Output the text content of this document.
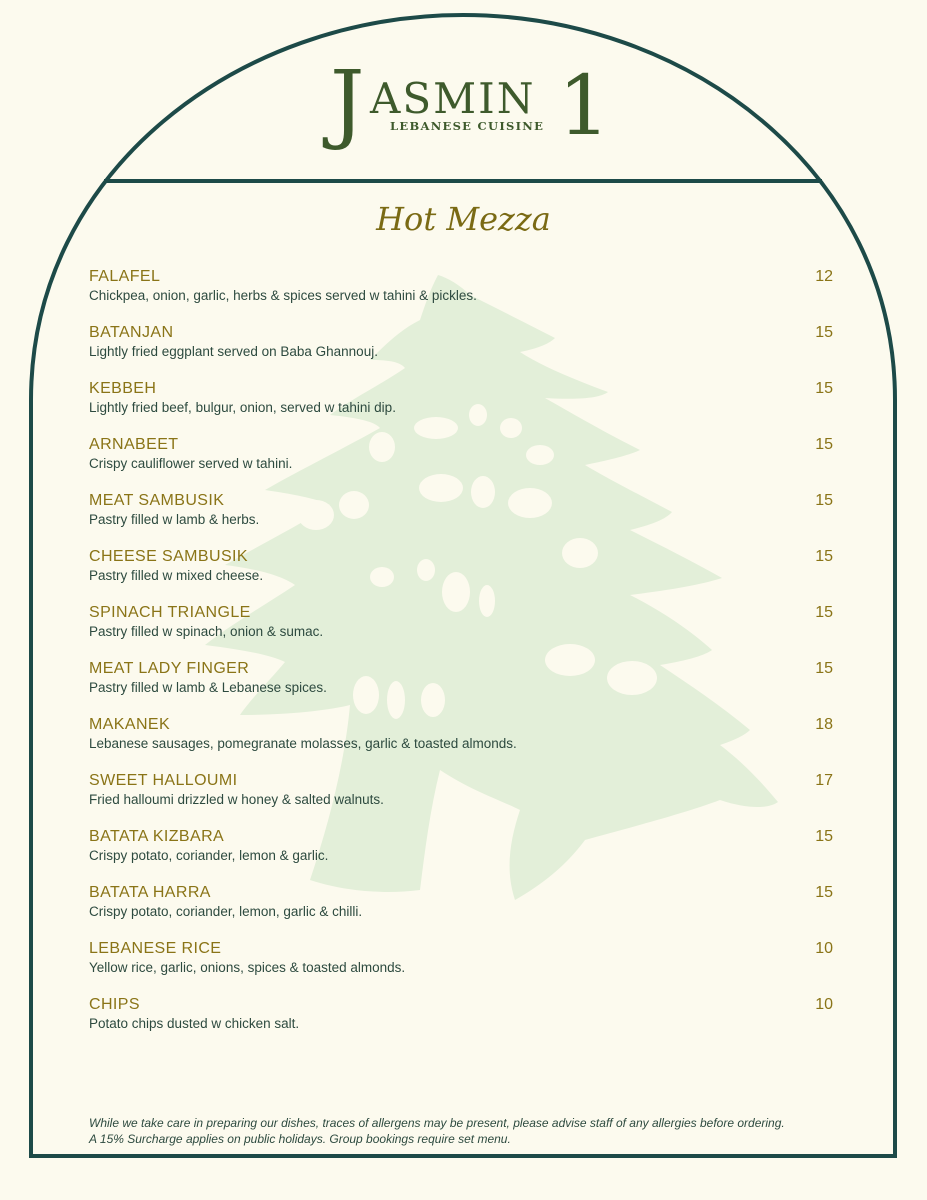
J ASMIN
LEBANESE CUISINE 1
Hot Mezza
FALAFEL
Chickpea, onion, garlic, herbs & spices served w tahini & pickles.
12
BATANJAN
Lightly fried eggplant served on Baba Ghannouj.
15
KEBBEH
Lightly fried beef, bulgur, onion, served w tahini dip.
15
ARNABEET
Crispy cauliflower served w tahini.
15
MEAT SAMBUSIK
Pastry filled w lamb & herbs.
15
CHEESE SAMBUSIK
Pastry filled w mixed cheese.
15
SPINACH TRIANGLE
Pastry filled w spinach, onion & sumac.
15
MEAT LADY FINGER
Pastry filled w lamb & Lebanese spices.
15
MAKANEK
Lebanese sausages, pomegranate molasses, garlic & toasted almonds.
18
SWEET HALLOUMI
Fried halloumi drizzled w honey & salted walnuts.
17
BATATA KIZBARA
Crispy potato, coriander, lemon & garlic.
15
BATATA HARRA
Crispy potato, coriander, lemon, garlic & chilli.
15
LEBANESE RICE
Yellow rice, garlic, onions, spices & toasted almonds.
10
CHIPS
Potato chips dusted w chicken salt.
10
While we take care in preparing our dishes, traces of allergens may be present, please advise staff of any allergies before ordering.
A 15% Surcharge applies on public holidays. Group bookings require set menu.
